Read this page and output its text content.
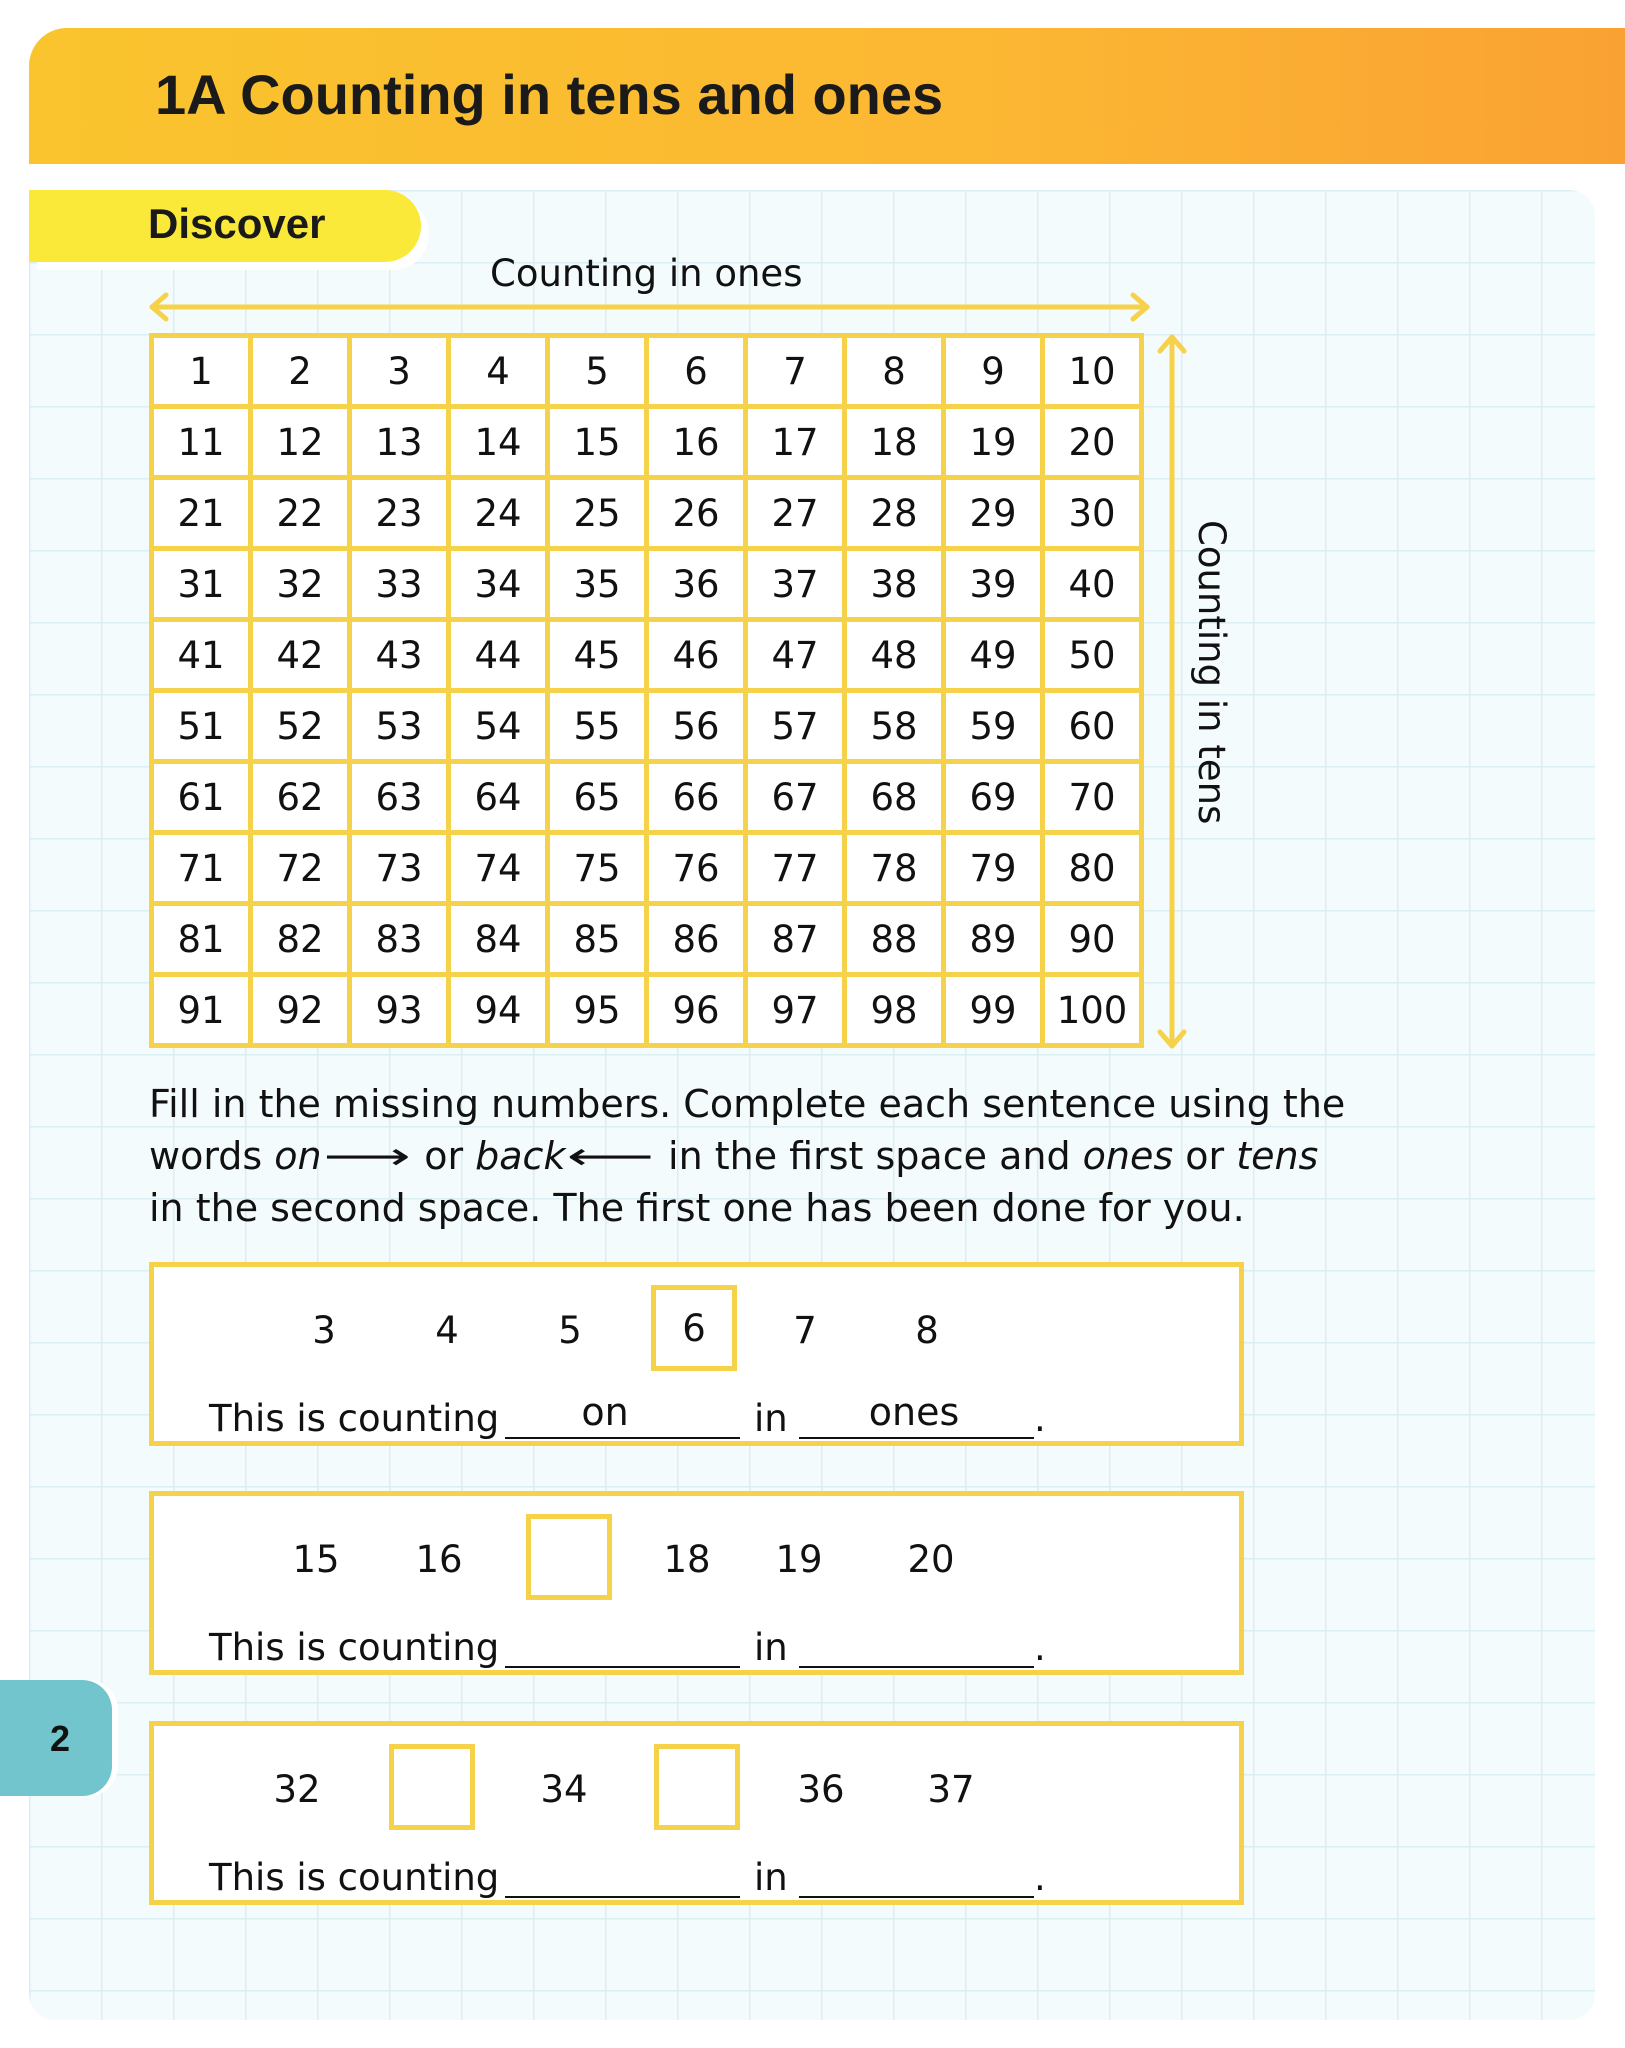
1A Counting in tens and ones
Discover
Counting in ones
1	2	3	4	5	6	7	8	9	10
11	12	13	14	15	16	17	18	19	20
21	22	23	24	25	26	27	28	29	30
31	32	33	34	35	36	37	38	39	40
41	42	43	44	45	46	47	48	49	50
51	52	53	54	55	56	57	58	59	60
61	62	63	64	65	66	67	68	69	70
71	72	73	74	75	76	77	78	79	80
81	82	83	84	85	86	87	88	89	90
91	92	93	94	95	96	97	98	99	100
Counting in tens

Fill in the missing numbers. Complete each sentence using the
words on⟶ or back⟵ in the first space and ones or tens
in the second space. The first one has been done for you.

3	4	5	6	7	8
This is counting	on	in	ones	.
15	16	18	19	20
This is counting	in	.
32	34	36	37
This is counting	in	.
2
